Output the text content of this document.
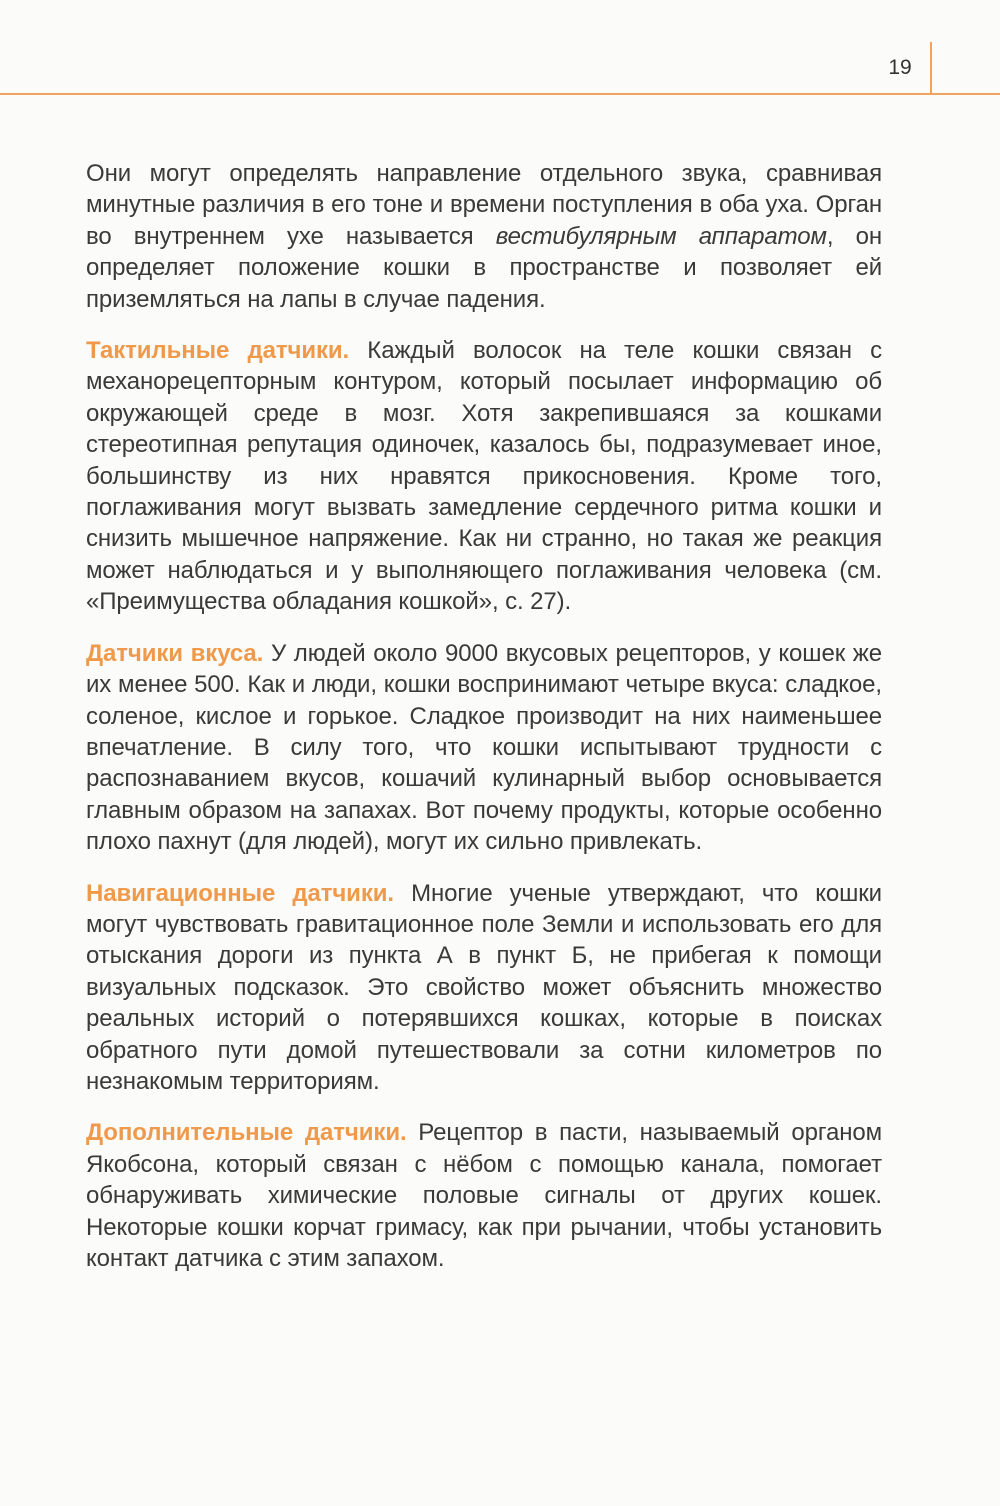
19

Они могут определять направление отдельного звука, сравнивая минутные различия в его тоне и времени поступления в оба уха. Орган во внутреннем ухе называется вестибулярным аппаратом, он определяет положение кошки в пространстве и позволяет ей приземляться на лапы в случае падения.

Тактильные датчики. Каждый волосок на теле кошки связан с механорецепторным контуром, который посылает информацию об окружающей среде в мозг. Хотя закрепившаяся за кошками стереотипная репутация одиночек, казалось бы, подразумевает иное, большинству из них нравятся прикосновения. Кроме того, поглаживания могут вызвать замедление сердечного ритма кошки и снизить мышечное напряжение. Как ни странно, но такая же реакция может наблюдаться и у выполняющего поглаживания человека (см. «Преимущества обладания кошкой», с. 27).

Датчики вкуса. У людей около 9000 вкусовых рецепторов, у кошек же их менее 500. Как и люди, кошки воспринимают четыре вкуса: сладкое, соленое, кислое и горькое. Сладкое производит на них наименьшее впечатление. В силу того, что кошки испытывают трудности с распознаванием вкусов, кошачий кулинарный выбор основывается главным образом на запахах. Вот почему продукты, которые особенно плохо пахнут (для людей), могут их сильно привлекать.

Навигационные датчики. Многие ученые утверждают, что кошки могут чувствовать гравитационное поле Земли и использовать его для отыскания дороги из пункта А в пункт Б, не прибегая к помощи визуальных подсказок. Это свойство может объяснить множество реальных историй о потерявшихся кошках, которые в поисках обратного пути домой путешествовали за сотни километров по незнакомым территориям.

Дополнительные датчики. Рецептор в пасти, называемый органом Якобсона, который связан с нёбом с помощью канала, помогает обнаруживать химические половые сигналы от других кошек. Некоторые кошки корчат гримасу, как при рычании, чтобы установить контакт датчика с этим запахом.
